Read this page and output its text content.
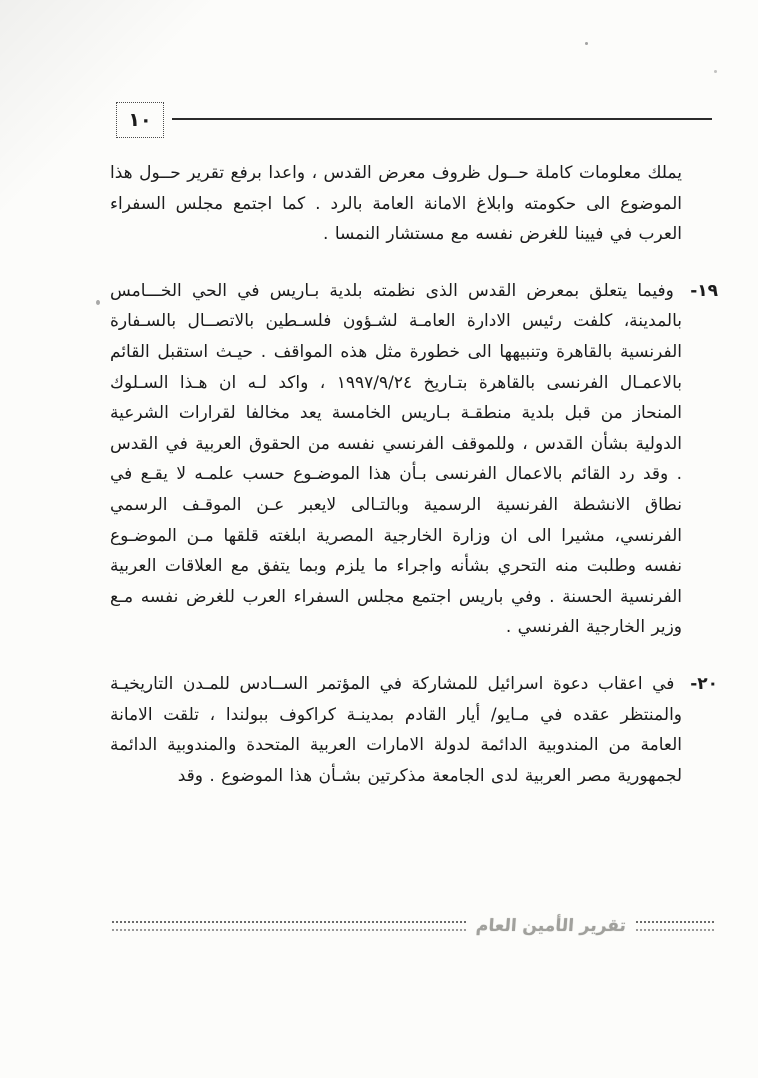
١٠

يملك معلومات كاملة حــول ظروف معرض القدس ، واعدا برفع تقرير حــول هذا الموضوع الى حكومته وابلاغ الامانة العامة بالرد . كما اجتمع مجلس السفراء العرب في فيينا للغرض نفسه مع مستشار النمسا .

١٩- وفيما يتعلق بمعرض القدس الذى نظمته بلدية بـاريس في الحي الخـــامس بالمدينة، كلفت رئيس الادارة العامـة لشـؤون فلسـطين بالاتصــال بالسـفارة الفرنسية بالقاهرة وتنبيهها الى خطورة مثل هذه المواقف . حيـث استقبل القائم بالاعمـال الفرنسى بالقاهرة بتـاريخ ١٩٩٧/٩/٢٤ ، واكد لـه ان هـذا السـلوك المنحاز من قبل بلدية منطقـة بـاريس الخامسة يعد مخالفا لقرارات الشرعية الدولية بشأن القدس ، وللموقف الفرنسي نفسه من الحقوق العربية في القدس . وقد رد القائم بالاعمال الفرنسى بـأن هذا الموضـوع حسب علمـه لا يقـع في نطاق الانشطة الفرنسية الرسمية وبالتـالى لايعبر عـن الموقـف الرسمي الفرنسي، مشيرا الى ان وزارة الخارجية المصرية ابلغته قلقها مـن الموضـوع نفسه وطلبت منه التحري بشأنه واجراء ما يلزم وبما يتفق مع العلاقات العربية الفرنسية الحسنة . وفي باريس اجتمع مجلس السفراء العرب للغرض نفسه مـع وزير الخارجية الفرنسي .

٢٠- في اعقاب دعوة اسرائيل للمشاركة في المؤتمر الســادس للمـدن التاريخيـة والمنتظر عقده في مـايو/ أيار القادم بمدينـة كراكوف ببولندا ، تلقت الامانة العامة من المندوبية الدائمة لدولة الامارات العربية المتحدة والمندوبية الدائمة لجمهورية مصر العربية لدى الجامعة مذكرتين بشـأن هذا الموضوع . وقد

تقرير الأمين العام
